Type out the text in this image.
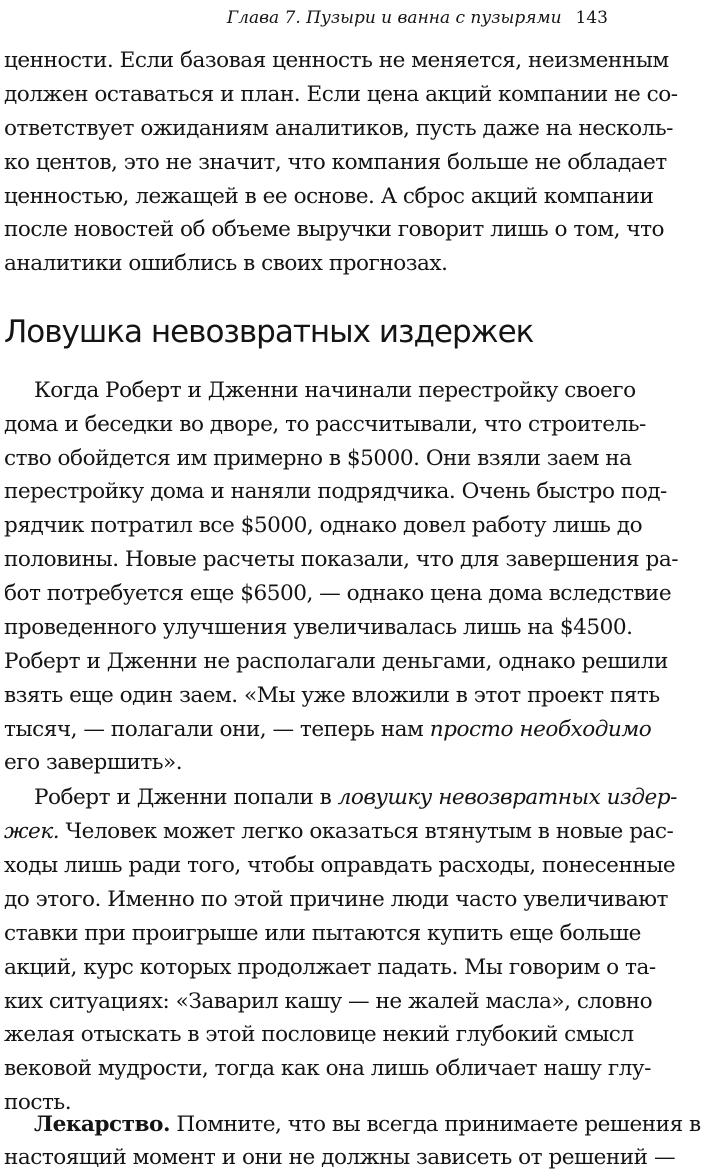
Глава 7. Пузыри и ванна с пузырями 143
ценности. Если базовая ценность не меняется, неизменным
должен оставаться и план. Если цена акций компании не со-
ответствует ожиданиям аналитиков, пусть даже на несколь-
ко центов, это не значит, что компания больше не обладает
ценностью, лежащей в ее основе. А сброс акций компании
после новостей об объеме выручки говорит лишь о том, что
аналитики ошиблись в своих прогнозах.
Ловушка невозвратных издержек
Когда Роберт и Дженни начинали перестройку своего
дома и беседки во дворе, то рассчитывали, что строитель-
ство обойдется им примерно в $5000. Они взяли заем на
перестройку дома и наняли подрядчика. Очень быстро под-
рядчик потратил все $5000, однако довел работу лишь до
половины. Новые расчеты показали, что для завершения ра-
бот потребуется еще $6500, — однако цена дома вследствие
проведенного улучшения увеличивалась лишь на $4500.
Роберт и Дженни не располагали деньгами, однако решили
взять еще один заем. «Мы уже вложили в этот проект пять
тысяч, — полагали они, — теперь нам просто необходимо
его завершить».
Роберт и Дженни попали в ловушку невозвратных издер-
жек. Человек может легко оказаться втянутым в новые рас-
ходы лишь ради того, чтобы оправдать расходы, понесенные
до этого. Именно по этой причине люди часто увеличивают
ставки при проигрыше или пытаются купить еще больше
акций, курс которых продолжает падать. Мы говорим о та-
ких ситуациях: «Заварил кашу — не жалей масла», словно
желая отыскать в этой пословице некий глубокий смысл
вековой мудрости, тогда как она лишь обличает нашу глу-
пость.
Лекарство. Помните, что вы всегда принимаете решения в
настоящий момент и они не должны зависеть от решений —
